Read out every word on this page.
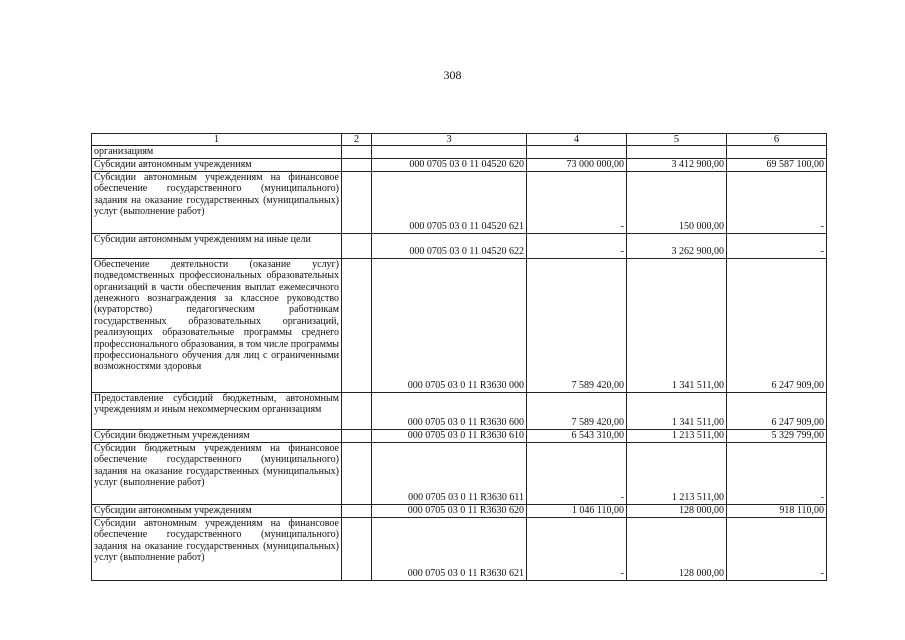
308
1	2	3	4	5	6
организациям					
Субсидии автономным учреждениям		000 0705 03 0 11 04520 620	73 000 000,00	3 412 900,00	69 587 100,00
Субсидии автономным учреждениям на финансовое обеспечение государственного (муниципального) задания на оказание государственных (муниципальных) услуг (выполнение работ)		000 0705 03 0 11 04520 621	-	150 000,00	-
Субсидии автономным учреждениям на иные цели		000 0705 03 0 11 04520 622	-	3 262 900,00	-
Обеспечение деятельности (оказание услуг) подведомственных профессиональных образовательных организаций в части обеспечения выплат ежемесячного денежного вознаграждения за классное руководство (кураторство) педагогическим работникам государственных образовательных организаций, реализующих образовательные программы среднего профессионального образования, в том числе программы профессионального обучения для лиц с ограниченными возможностями здоровья		000 0705 03 0 11 R3630 000	7 589 420,00	1 341 511,00	6 247 909,00
Предоставление субсидий бюджетным, автономным учреждениям и иным некоммерческим организациям		000 0705 03 0 11 R3630 600	7 589 420,00	1 341 511,00	6 247 909,00
Субсидии бюджетным учреждениям		000 0705 03 0 11 R3630 610	6 543 310,00	1 213 511,00	5 329 799,00
Субсидии бюджетным учреждениям на финансовое обеспечение государственного (муниципального) задания на оказание государственных (муниципальных) услуг (выполнение работ)		000 0705 03 0 11 R3630 611	-	1 213 511,00	-
Субсидии автономным учреждениям		000 0705 03 0 11 R3630 620	1 046 110,00	128 000,00	918 110,00
Субсидии автономным учреждениям на финансовое обеспечение государственного (муниципального) задания на оказание государственных (муниципальных) услуг (выполнение работ)		000 0705 03 0 11 R3630 621	-	128 000,00	-
